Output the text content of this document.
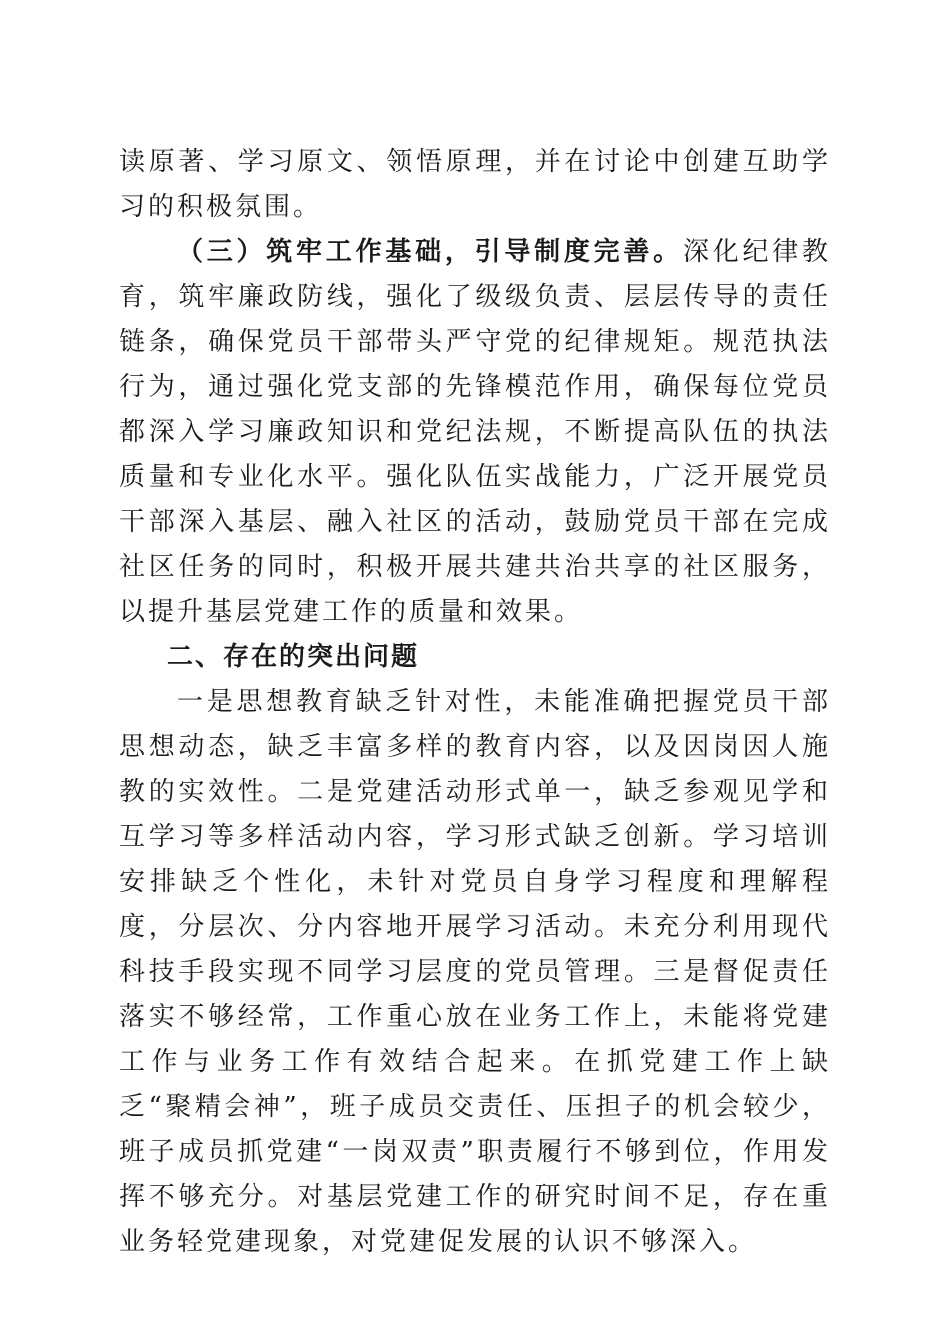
读原著、学习原文、领悟原理，并在讨论中创建互助学习的积极氛围。

（三）筑牢工作基础，引导制度完善。深化纪律教育，筑牢廉政防线，强化了级级负责、层层传导的责任链条，确保党员干部带头严守党的纪律规矩。规范执法行为，通过强化党支部的先锋模范作用，确保每位党员都深入学习廉政知识和党纪法规，不断提高队伍的执法质量和专业化水平。强化队伍实战能力，广泛开展党员干部深入基层、融入社区的活动，鼓励党员干部在完成社区任务的同时，积极开展共建共治共享的社区服务，以提升基层党建工作的质量和效果。

二、存在的突出问题

一是思想教育缺乏针对性，未能准确把握党员干部思想动态，缺乏丰富多样的教育内容，以及因岗因人施教的实效性。二是党建活动形式单一，缺乏参观见学和互学习等多样活动内容，学习形式缺乏创新。学习培训安排缺乏个性化，未针对党员自身学习程度和理解程度，分层次、分内容地开展学习活动。未充分利用现代科技手段实现不同学习层度的党员管理。三是督促责任落实不够经常，工作重心放在业务工作上，未能将党建工作与业务工作有效结合起来。在抓党建工作上缺乏“聚精会神”，班子成员交责任、压担子的机会较少，班子成员抓党建“一岗双责”职责履行不够到位，作用发挥不够充分。对基层党建工作的研究时间不足，存在重业务轻党建现象，对党建促发展的认识不够深入。
